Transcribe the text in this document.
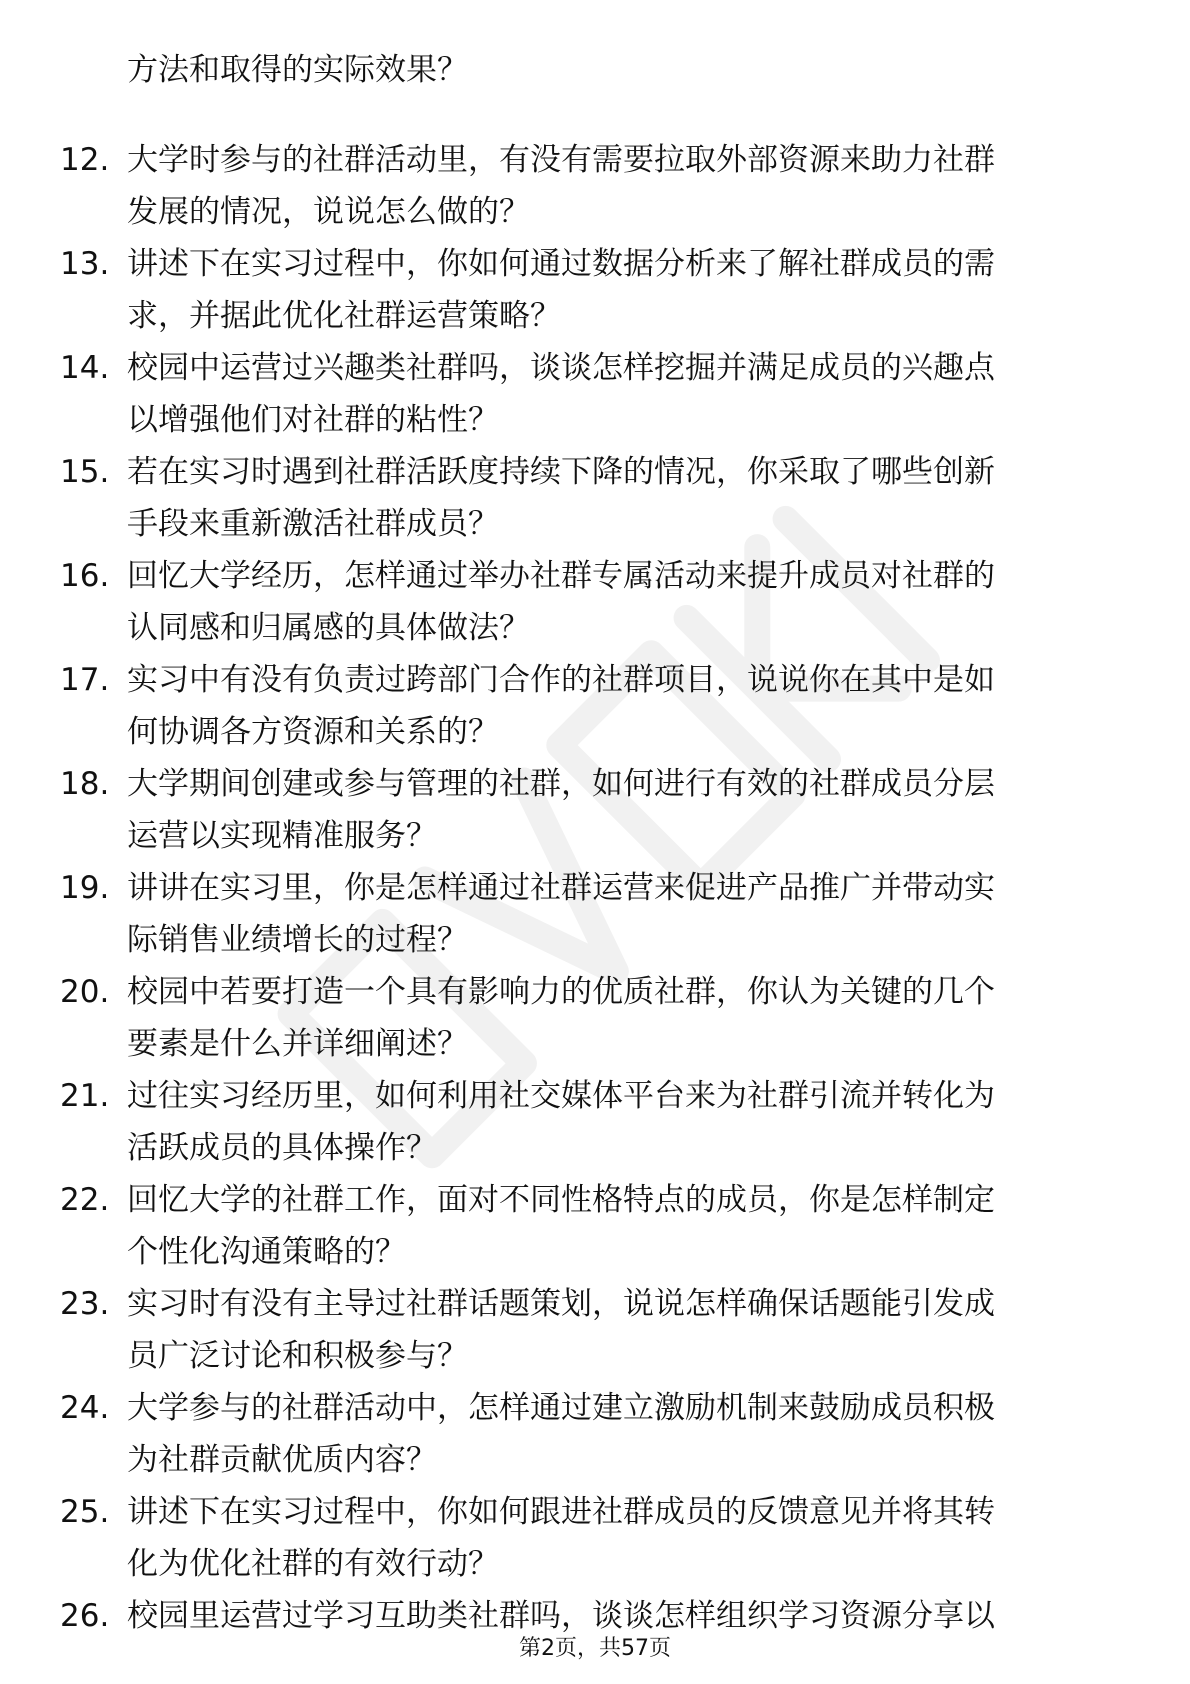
方法和取得的实际效果？
12. 大学时参与的社群活动里，有没有需要拉取外部资源来助力社群
发展的情况，说说怎么做的？
13. 讲述下在实习过程中，你如何通过数据分析来了解社群成员的需
求，并据此优化社群运营策略？
14. 校园中运营过兴趣类社群吗，谈谈怎样挖掘并满足成员的兴趣点
以增强他们对社群的粘性？
15. 若在实习时遇到社群活跃度持续下降的情况，你采取了哪些创新
手段来重新激活社群成员？
16. 回忆大学经历，怎样通过举办社群专属活动来提升成员对社群的
认同感和归属感的具体做法？
17. 实习中有没有负责过跨部门合作的社群项目，说说你在其中是如
何协调各方资源和关系的？
18. 大学期间创建或参与管理的社群，如何进行有效的社群成员分层
运营以实现精准服务？
19. 讲讲在实习里，你是怎样通过社群运营来促进产品推广并带动实
际销售业绩增长的过程？
20. 校园中若要打造一个具有影响力的优质社群，你认为关键的几个
要素是什么并详细阐述？
21. 过往实习经历里，如何利用社交媒体平台来为社群引流并转化为
活跃成员的具体操作？
22. 回忆大学的社群工作，面对不同性格特点的成员，你是怎样制定
个性化沟通策略的？
23. 实习时有没有主导过社群话题策划，说说怎样确保话题能引发成
员广泛讨论和积极参与？
24. 大学参与的社群活动中，怎样通过建立激励机制来鼓励成员积极
为社群贡献优质内容？
25. 讲述下在实习过程中，你如何跟进社群成员的反馈意见并将其转
化为优化社群的有效行动？
26. 校园里运营过学习互助类社群吗，谈谈怎样组织学习资源分享以
第2页，共57页
